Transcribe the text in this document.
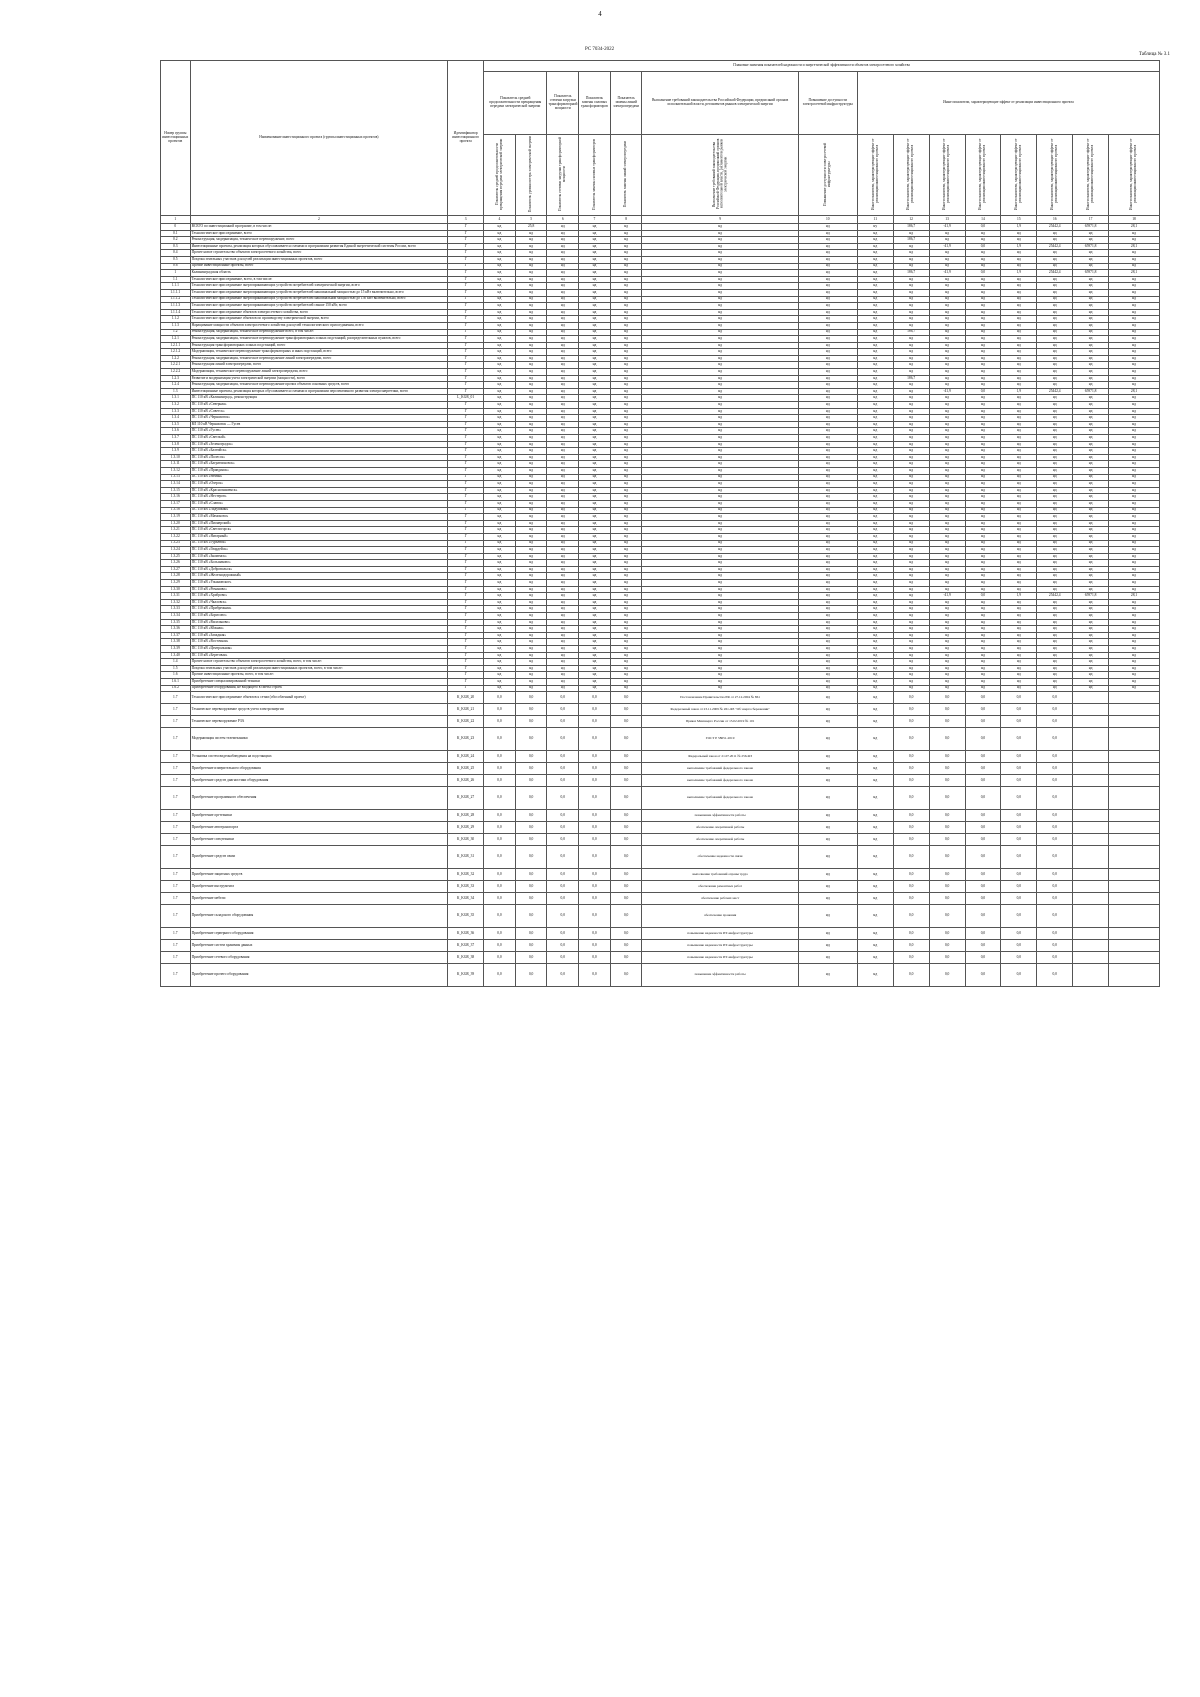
4
РС 7034-2022
Таблица № 3.1
Номер группы инвестиционных проектов	Наименование инвестиционного проекта (группы инвестиционных проектов)	Идентификатор инвестиционного проекта	Плановые значения показателей надежности и энергетической эффективности объектов электросетевого хозяйства														
			Показатель средней продолжительности прекращения передачи электрической энергии		Показатель степени загрузки трансформаторной мощности	Показатель замены силовых трансформаторов	Показатель замены линий электропередачи	Выполнение требований законодательства Российской Федерации, предписаний органов исполнительной власти, регламентов рынков электрической энергии	Повышение доступности электросетевой инфраструктуры	Иные показатели, характеризующие эффект от реализации инвестиционного проекта							
			Показатель средней продолжительности прекращения передачи электрической энергии	Показатель уровня потерь электрической энергии	Показатель степени загрузки трансформаторной мощности	Показатель замены силовых трансформаторов	Показатель замены линий электропередачи	Выполнение требований законодательства Российской Федерации, предписаний органов исполнительной власти, регламентов рынков электрической энергии	Повышение доступности электросетевой инфраструктуры	Иные показатели, характеризующие эффект от реализации инвестиционного проекта	Иные показатели, характеризующие эффект от реализации инвестиционного проекта	Иные показатели, характеризующие эффект от реализации инвестиционного проекта	Иные показатели, характеризующие эффект от реализации инвестиционного проекта	Иные показатели, характеризующие эффект от реализации инвестиционного проекта	Иные показатели, характеризующие эффект от реализации инвестиционного проекта	Иные показатели, характеризующие эффект от реализации инвестиционного проекта	Иные показатели, характеризующие эффект от реализации инвестиционного проекта
1	2	3	4	5	6	7	8	9	10	11	12	13	14	15	16	17	18
0	ВСЕГО по инвестиционной программе, в том числе:	Г	нд	25,8	нд	нд	нд	нд	нд	ну	186,7	-41,9	0,0	1,9	25442,4	65971,8	28,1
0.1	Технологическое присоединение, всего	Г	нд	нд	нд	нд	нд	нд	нд	нд	нд	нд	нд	нд	нд	нд	нд
0.2	Реконструкция, модернизация, техническое перевооружение, всего	Г	нд	нд	нд	нд	нд	нд	нд	нд	186,7	нд	нд	нд	нд	нд	нд
0.3	Инвестиционные проекты, реализация которых обуславливается схемами и программами развития Единой энергетической системы России, всего	Г	нд	нд	нд	нд	нд	нд	нд	нд	нд	-41,9	0,0	1,9	25442,4	65971,8	28,1
0.4	Прочее новое строительство объектов электросетевого хозяйства, всего	Г	нд	нд	нд	нд	нд	нд	нд	нд	нд	нд	нд	нд	нд	нд	нд
0.5	Покупка земельных участков для целей реализации инвестиционных проектов, всего	Г	нд	нд	нд	нд	нд	нд	нд	нд	нд	нд	нд	нд	нд	нд	нд
0.6	Прочие инвестиционные проекты, всего	Г	нд	нд	нд	нд	нд	нд	нд	нд	нд	нд	нд	нд	нд	нд	нд
1	Калининградская область	Г	нд	нд	нд	нд	нд	нд	нд	нд	186,7	-41,9	0,0	1,9	25442,4	65971,8	28,1
1.1	Технологическое присоединение, всего, в том числе:	Г	нд	нд	нд	нд	нд	нд	нд	нд	нд	нд	нд	нд	нд	нд	нд
1.1.1	Технологическое присоединение энергопринимающих устройств потребителей электрической энергии, всего	Г	нд	нд	нд	нд	нд	нд	нд	нд	нд	нд	нд	нд	нд	нд	нд
1.1.1.1	Технологическое присоединение энергопринимающих устройств потребителей максимальной мощностью до 15 кВт включительно, всего	Г	нд	нд	нд	нд	нд	нд	нд	нд	нд	нд	нд	нд	нд	нд	нд
1.1.1.2	Технологическое присоединение энергопринимающих устройств потребителей максимальной мощностью до 150 кВт включительно, всего	Г	нд	нд	нд	нд	нд	нд	нд	нд	нд	нд	нд	нд	нд	нд	нд
1.1.1.3	Технологическое присоединение энергопринимающих устройств потребителей свыше 150 кВт, всего	Г	нд	нд	нд	нд	нд	нд	нд	нд	нд	нд	нд	нд	нд	нд	нд
1.1.1.4	Технологическое присоединение объектов электросетевого хозяйства, всего	Г	нд	нд	нд	нд	нд	нд	нд	нд	нд	нд	нд	нд	нд	нд	нд
1.1.2	Технологическое присоединение объектов по производству электрической энергии, всего	Г	нд	нд	нд	нд	нд	нд	нд	нд	нд	нд	нд	нд	нд	нд	нд
1.1.3	Наращивание мощности объектов электросетевого хозяйства для целей технологического присоединения, всего	Г	нд	нд	нд	нд	нд	нд	нд	нд	нд	нд	нд	нд	нд	нд	нд
1.2	Реконструкция, модернизация, техническое перевооружение всего, в том числе:	Г	нд	нд	нд	нд	нд	нд	нд	нд	186,7	нд	нд	нд	нд	нд	нд
1.2.1	Реконструкция, модернизация, техническое перевооружение трансформаторных и иных подстанций, распределительных пунктов, всего	Г	нд	нд	нд	нд	нд	нд	нд	нд	нд	нд	нд	нд	нд	нд	нд
1.2.1.1	Реконструкция трансформаторных и иных подстанций, всего	Г	нд	нд	нд	нд	нд	нд	нд	нд	нд	нд	нд	нд	нд	нд	нд
1.2.1.2	Модернизация, техническое перевооружение трансформаторных и иных подстанций, всего	Г	нд	нд	нд	нд	нд	нд	нд	нд	нд	нд	нд	нд	нд	нд	нд
1.2.2	Реконструкция, модернизация, техническое перевооружение линий электропередачи, всего	Г	нд	нд	нд	нд	нд	нд	нд	нд	нд	нд	нд	нд	нд	нд	нд
1.2.2.1	Реконструкция линий электропередачи, всего	Г	нд	нд	нд	нд	нд	нд	нд	нд	нд	нд	нд	нд	нд	нд	нд
1.2.2.2	Модернизация, техническое перевооружение линий электропередачи, всего	Г	нд	нд	нд	нд	нд	нд	нд	нд	нд	нд	нд	нд	нд	нд	нд
1.2.3	Развитие и модернизация учета электрической энергии (мощности), всего	Г	нд	нд	нд	нд	нд	нд	нд	нд	186,7	нд	нд	нд	нд	нд	нд
1.2.4	Реконструкция, модернизация, техническое перевооружение прочих объектов основных средств, всего	Г	нд	нд	нд	нд	нд	нд	нд	нд	нд	нд	нд	нд	нд	нд	нд
1.3	Инвестиционные проекты, реализация которых обуславливается схемами и программами перспективного развития электроэнергетики, всего	Г	нд	нд	нд	нд	нд	нд	нд	нд	нд	-41,9	0,0	1,9	25442,4	65971,8	28,1
1.3.1	ПС 110 кВ «Калининград», реконструкция	L_KGR_01	нд	нд	нд	нд	нд	нд	нд	нд	нд	нд	нд	нд	нд	нд	нд
1.3.2	ПС 110 кВ «Северная»	Г	нд	нд	нд	нд	нд	нд	нд	нд	нд	нд	нд	нд	нд	нд	нд
1.3.3	ПС 110 кВ «Советск»	Г	нд	нд	нд	нд	нд	нд	нд	нд	нд	нд	нд	нд	нд	нд	нд
1.3.4	ПС 110 кВ «Черняховск»	Г	нд	нд	нд	нд	нд	нд	нд	нд	нд	нд	нд	нд	нд	нд	нд
1.3.5	ВЛ 110 кВ Черняховск — Гусев	Г	нд	нд	нд	нд	нд	нд	нд	нд	нд	нд	нд	нд	нд	нд	нд
1.3.6	ПС 110 кВ «Гусев»	Г	нд	нд	нд	нд	нд	нд	нд	нд	нд	нд	нд	нд	нд	нд	нд
1.3.7	ПС 110 кВ «Светлый»	Г	нд	нд	нд	нд	нд	нд	нд	нд	нд	нд	нд	нд	нд	нд	нд
1.3.8	ПС 110 кВ «Зеленоградск»	Г	нд	нд	нд	нд	нд	нд	нд	нд	нд	нд	нд	нд	нд	нд	нд
1.3.9	ПС 110 кВ «Балтийск»	Г	нд	нд	нд	нд	нд	нд	нд	нд	нд	нд	нд	нд	нд	нд	нд
1.3.10	ПС 110 кВ «Полесск»	Г	нд	нд	нд	нд	нд	нд	нд	нд	нд	нд	нд	нд	нд	нд	нд
1.3.11	ПС 110 кВ «Багратионовск»	Г	нд	нд	нд	нд	нд	нд	нд	нд	нд	нд	нд	нд	нд	нд	нд
1.3.12	ПС 110 кВ «Правдинск»	Г	нд	нд	нд	нд	нд	нд	нд	нд	нд	нд	нд	нд	нд	нд	нд
1.3.13	ПС 110 кВ «Неман»	Г	нд	нд	нд	нд	нд	нд	нд	нд	нд	нд	нд	нд	нд	нд	нд
1.3.14	ПС 110 кВ «Озерск»	Г	нд	нд	нд	нд	нд	нд	нд	нд	нд	нд	нд	нд	нд	нд	нд
1.3.15	ПС 110 кВ «Краснознаменск»	Г	нд	нд	нд	нд	нд	нд	нд	нд	нд	нд	нд	нд	нд	нд	нд
1.3.16	ПС 110 кВ «Нестеров»	Г	нд	нд	нд	нд	нд	нд	нд	нд	нд	нд	нд	нд	нд	нд	нд
1.3.17	ПС 110 кВ «Славск»	Г	нд	нд	нд	нд	нд	нд	нд	нд	нд	нд	нд	нд	нд	нд	нд
1.3.18	ПС 110 кВ «Ладушкин»	Г	нд	нд	нд	нд	нд	нд	нд	нд	нд	нд	нд	нд	нд	нд	нд
1.3.19	ПС 110 кВ «Мамоново»	Г	нд	нд	нд	нд	нд	нд	нд	нд	нд	нд	нд	нд	нд	нд	нд
1.3.20	ПС 110 кВ «Пионерский»	Г	нд	нд	нд	нд	нд	нд	нд	нд	нд	нд	нд	нд	нд	нд	нд
1.3.21	ПС 110 кВ «Светлогорск»	Г	нд	нд	нд	нд	нд	нд	нд	нд	нд	нд	нд	нд	нд	нд	нд
1.3.22	ПС 110 кВ «Янтарный»	Г	нд	нд	нд	нд	нд	нд	нд	нд	нд	нд	нд	нд	нд	нд	нд
1.3.23	ПС 110 кВ «Гурьевск»	Г	нд	нд	нд	нд	нд	нд	нд	нд	нд	нд	нд	нд	нд	нд	нд
1.3.24	ПС 110 кВ «Гвардейск»	Г	нд	нд	нд	нд	нд	нд	нд	нд	нд	нд	нд	нд	нд	нд	нд
1.3.25	ПС 110 кВ «Знаменск»	Г	нд	нд	нд	нд	нд	нд	нд	нд	нд	нд	нд	нд	нд	нд	нд
1.3.26	ПС 110 кВ «Большаково»	Г	нд	нд	нд	нд	нд	нд	нд	нд	нд	нд	нд	нд	нд	нд	нд
1.3.27	ПС 110 кВ «Добровольск»	Г	нд	нд	нд	нд	нд	нд	нд	нд	нд	нд	нд	нд	нд	нд	нд
1.3.28	ПС 110 кВ «Железнодорожный»	Г	нд	нд	нд	нд	нд	нд	нд	нд	нд	нд	нд	нд	нд	нд	нд
1.3.29	ПС 110 кВ «Ульяновское»	Г	нд	нд	нд	нд	нд	нд	нд	нд	нд	нд	нд	нд	нд	нд	нд
1.3.30	ПС 110 кВ «Романово»	Г	нд	нд	нд	нд	нд	нд	нд	нд	нд	нд	нд	нд	нд	нд	нд
1.3.31	ПС 110 кВ «Храброво»	Г	нд	нд	нд	нд	нд	нд	нд	нд	нд	-41,9	0,0	1,9	25442,4	65971,8	28,1
1.3.32	ПС 110 кВ «Чкаловск»	Г	нд	нд	нд	нд	нд	нд	нд	нд	нд	нд	нд	нд	нд	нд	нд
1.3.33	ПС 110 кВ «Прибрежная»	Г	нд	нд	нд	нд	нд	нд	нд	нд	нд	нд	нд	нд	нд	нд	нд
1.3.34	ПС 110 кВ «Борисово»	Г	нд	нд	нд	нд	нд	нд	нд	нд	нд	нд	нд	нд	нд	нд	нд
1.3.35	ПС 110 кВ «Васильково»	Г	нд	нд	нд	нд	нд	нд	нд	нд	нд	нд	нд	нд	нд	нд	нд
1.3.36	ПС 110 кВ «Южная»	Г	нд	нд	нд	нд	нд	нд	нд	нд	нд	нд	нд	нд	нд	нд	нд
1.3.37	ПС 110 кВ «Западная»	Г	нд	нд	нд	нд	нд	нд	нд	нд	нд	нд	нд	нд	нд	нд	нд
1.3.38	ПС 110 кВ «Восточная»	Г	нд	нд	нд	нд	нд	нд	нд	нд	нд	нд	нд	нд	нд	нд	нд
1.3.39	ПС 110 кВ «Центральная»	Г	нд	нд	нд	нд	нд	нд	нд	нд	нд	нд	нд	нд	нд	нд	нд
1.3.40	ПС 110 кВ «Береговая»	Г	нд	нд	нд	нд	нд	нд	нд	нд	нд	нд	нд	нд	нд	нд	нд
1.4	Прочее новое строительство объектов электросетевого хозяйства, всего, в том числе:	Г	нд	нд	нд	нд	нд	нд	нд	нд	нд	нд	нд	нд	нд	нд	нд
1.5	Покупка земельных участков для целей реализации инвестиционных проектов, всего, в том числе:	Г	нд	нд	нд	нд	нд	нд	нд	нд	нд	нд	нд	нд	нд	нд	нд
1.6	Прочие инвестиционные проекты, всего, в том числе:	Г	нд	нд	нд	нд	нд	нд	нд	нд	нд	нд	нд	нд	нд	нд	нд
1.6.1	Приобретение специализированной техники	Г	нд	нд	нд	нд	нд	нд	нд	нд	нд	нд	нд	нд	нд	нд	нд
1.6.2	Приобретение оборудования, не входящего в сметы строек	Г	нд	нд	нд	нд	нд	нд	нд	нд	нд	нд	нд	нд	нд	нд	нд
1.7	Технологическое присоединение объектов к сетям (обособленный проект)	К_KGR_20	0,0	0,0	0,0	0,0	0,0	Постановление Правительства РФ от 27.12.2004 № 861	нд	нд	0,0	0,0	0,0	0,0	0,0		
1.7	Техническое перевооружение средств учета электроэнергии	К_KGR_21	0,0	0,0	0,0	0,0	0,0	Федеральный закон от 23.11.2009 № 261-ФЗ "Об энергосбережении"	нд	нд	0,0	0,0	0,0	0,0	0,0		
1.7	Техническое перевооружение РЗА	К_KGR_22	0,0	0,0	0,0	0,0	0,0	Приказ Минэнерго России от 13.02.2019 № 101	нд	нд	0,0	0,0	0,0	0,0	0,0		
1.7	Модернизация систем телемеханики	К_KGR_23	0,0	0,0	0,0	0,0	0,0	ГОСТ Р 58651-2019	нд	нд	0,0	0,0	0,0	0,0	0,0		
1.7	Установка систем видеонаблюдения на подстанциях	К_KGR_24	0,0	0,0	0,0	0,0	0,0	Федеральный закон от 21.07.2011 № 256-ФЗ	нд	нд	0,0	0,0	0,0	0,0	0,0		
1.7	Приобретение измерительного оборудования	К_KGR_25	0,0	0,0	0,0	0,0	0,0	выполнение требований федерального закона	нд	нд	0,0	0,0	0,0	0,0	0,0		
1.7	Приобретение средств диагностики оборудования	К_KGR_26	0,0	0,0	0,0	0,0	0,0	выполнение требований федерального закона	нд	нд	0,0	0,0	0,0	0,0	0,0		
1.7	Приобретение программного обеспечения	К_KGR_27	0,0	0,0	0,0	0,0	0,0	выполнение требований федерального закона	нд	нд	0,0	0,0	0,0	0,0	0,0		
1.7	Приобретение оргтехники	К_KGR_28	0,0	0,0	0,0	0,0	0,0	повышение эффективности работы	нд	нд	0,0	0,0	0,0	0,0	0,0		
1.7	Приобретение автотранспорта	К_KGR_29	0,0	0,0	0,0	0,0	0,0	обеспечение оперативной работы	нд	нд	0,0	0,0	0,0	0,0	0,0		
1.7	Приобретение спецтехники	К_KGR_30	0,0	0,0	0,0	0,0	0,0	обеспечение оперативной работы	нд	нд	0,0	0,0	0,0	0,0	0,0		
1.7	Приобретение средств связи	К_KGR_31	0,0	0,0	0,0	0,0	0,0	обеспечение надежности связи	нд	нд	0,0	0,0	0,0	0,0	0,0		
1.7	Приобретение защитных средств	К_KGR_32	0,0	0,0	0,0	0,0	0,0	выполнение требований охраны труда	нд	нд	0,0	0,0	0,0	0,0	0,0		
1.7	Приобретение инструмента	К_KGR_33	0,0	0,0	0,0	0,0	0,0	обеспечение ремонтных работ	нд	нд	0,0	0,0	0,0	0,0	0,0		
1.7	Приобретение мебели	К_KGR_34	0,0	0,0	0,0	0,0	0,0	обеспечение рабочих мест	нд	нд	0,0	0,0	0,0	0,0	0,0		
1.7	Приобретение складского оборудования	К_KGR_35	0,0	0,0	0,0	0,0	0,0	обеспечение хранения	нд	нд	0,0	0,0	0,0	0,0	0,0		
1.7	Приобретение серверного оборудования	К_KGR_36	0,0	0,0	0,0	0,0	0,0	повышение надежности ИТ-инфраструктуры	нд	нд	0,0	0,0	0,0	0,0	0,0		
1.7	Приобретение систем хранения данных	К_KGR_37	0,0	0,0	0,0	0,0	0,0	повышение надежности ИТ-инфраструктуры	нд	нд	0,0	0,0	0,0	0,0	0,0		
1.7	Приобретение сетевого оборудования	К_KGR_38	0,0	0,0	0,0	0,0	0,0	повышение надежности ИТ-инфраструктуры	нд	нд	0,0	0,0	0,0	0,0	0,0		
1.7	Приобретение прочего оборудования	К_KGR_39	0,0	0,0	0,0	0,0	0,0	повышение эффективности работы	нд	нд	0,0	0,0	0,0	0,0	0,0		
